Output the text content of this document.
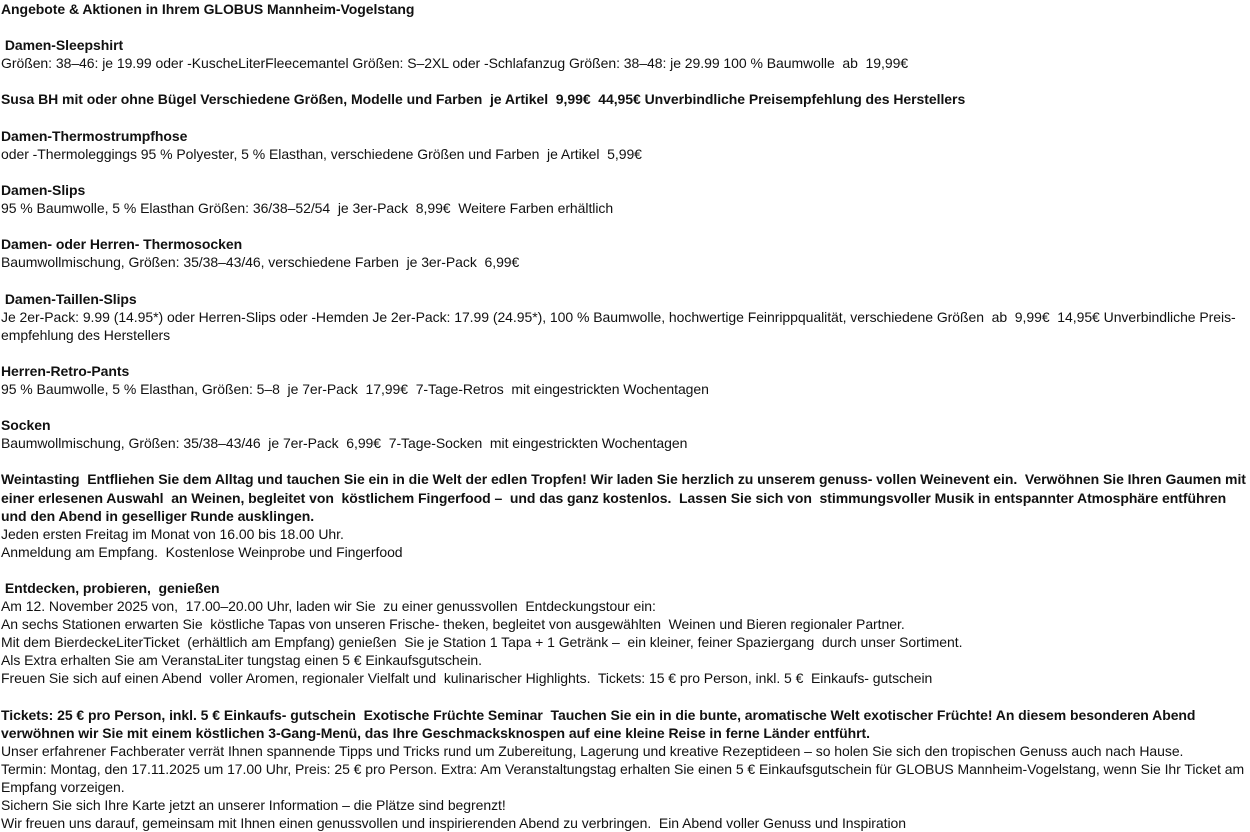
Angebote & Aktionen in Ihrem GLOBUS Mannheim-Vogelstang

Damen-Sleepshirt

Größen: 38–46: je 19.99 oder -KuscheLiterFleecemantel Größen: S–2XL oder -Schlafanzug Größen: 38–48: je 29.99 100 % Baumwolle  ab  19,99€

Susa BH mit oder ohne Bügel Verschiedene Größen, Modelle und Farben  je Artikel  9,99€  44,95€ Unverbindliche Preisempfehlung des Herstellers

Damen-Thermostrumpfhose

oder -Thermoleggings 95 % Polyester, 5 % Elasthan, verschiedene Größen und Farben  je Artikel  5,99€

Damen-Slips

95 % Baumwolle, 5 % Elasthan Größen: 36/38–52/54  je 3er-Pack  8,99€  Weitere Farben erhältlich

Damen- oder Herren- Thermosocken

Baumwollmischung, Größen: 35/38–43/46, verschiedene Farben  je 3er-Pack  6,99€

Damen-Taillen-Slips

Je 2er-Pack: 9.99 (14.95*) oder Herren-Slips oder -Hemden Je 2er-Pack: 17.99 (24.95*), 100 % Baumwolle, hochwertige Feinrippqualität, verschiedene Größen  ab  9,99€  14,95€ Unverbindliche Preis-empfehlung des Herstellers

Herren-Retro-Pants

95 % Baumwolle, 5 % Elasthan, Größen: 5–8  je 7er-Pack  17,99€  7-Tage-Retros  mit eingestrickten Wochentagen

Socken

Baumwollmischung, Größen: 35/38–43/46  je 7er-Pack  6,99€  7-Tage-Socken  mit eingestrickten Wochentagen

Weintasting  Entfliehen Sie dem Alltag und tauchen Sie ein in die Welt der edlen Tropfen! Wir laden Sie herzlich zu unserem genuss- vollen Weinevent ein.  Verwöhnen Sie Ihren Gaumen mit einer erlesenen Auswahl  an Weinen, begleitet von  köstlichem Fingerfood –  und das ganz kostenlos.  Lassen Sie sich von  stimmungsvoller Musik in entspannter Atmosphäre entführen und den Abend in geselliger Runde ausklingen.

Jeden ersten Freitag im Monat von 16.00 bis 18.00 Uhr.

Anmeldung am Empfang.  Kostenlose Weinprobe und Fingerfood

Entdecken, probieren,  genießen

Am 12. November 2025 von,  17.00–20.00 Uhr, laden wir Sie  zu einer genussvollen  Entdeckungstour ein:

An sechs Stationen erwarten Sie  köstliche Tapas von unseren Frische- theken, begleitet von ausgewählten  Weinen und Bieren regionaler Partner.

Mit dem BierdeckeLiterTicket  (erhältlich am Empfang) genießen  Sie je Station 1 Tapa + 1 Getränk –  ein kleiner, feiner Spaziergang  durch unser Sortiment.

Als Extra erhalten Sie am VeranstaLiter tungstag einen 5 € Einkaufsgutschein.

Freuen Sie sich auf einen Abend  voller Aromen, regionaler Vielfalt und  kulinarischer Highlights.  Tickets: 15 € pro Person, inkl. 5 €  Einkaufs- gutschein

Tickets: 25 € pro Person, inkl. 5 € Einkaufs- gutschein  Exotische Früchte Seminar  Tauchen Sie ein in die bunte, aromatische Welt exotischer Früchte! An diesem besonderen Abend verwöhnen wir Sie mit einem köstlichen 3-Gang-Menü, das Ihre Geschmacksknospen auf eine kleine Reise in ferne Länder entführt.

Unser erfahrener Fachberater verrät Ihnen spannende Tipps und Tricks rund um Zubereitung, Lagerung und kreative Rezeptideen – so holen Sie sich den tropischen Genuss auch nach Hause.

Termin: Montag, den 17.11.2025 um 17.00 Uhr, Preis: 25 € pro Person. Extra: Am Veranstaltungstag erhalten Sie einen 5 € Einkaufsgutschein für GLOBUS Mannheim-Vogelstang, wenn Sie Ihr Ticket am Empfang vorzeigen.

Sichern Sie sich Ihre Karte jetzt an unserer Information – die Plätze sind begrenzt!

Wir freuen uns darauf, gemeinsam mit Ihnen einen genussvollen und inspirierenden Abend zu verbringen.  Ein Abend voller Genuss und Inspiration
